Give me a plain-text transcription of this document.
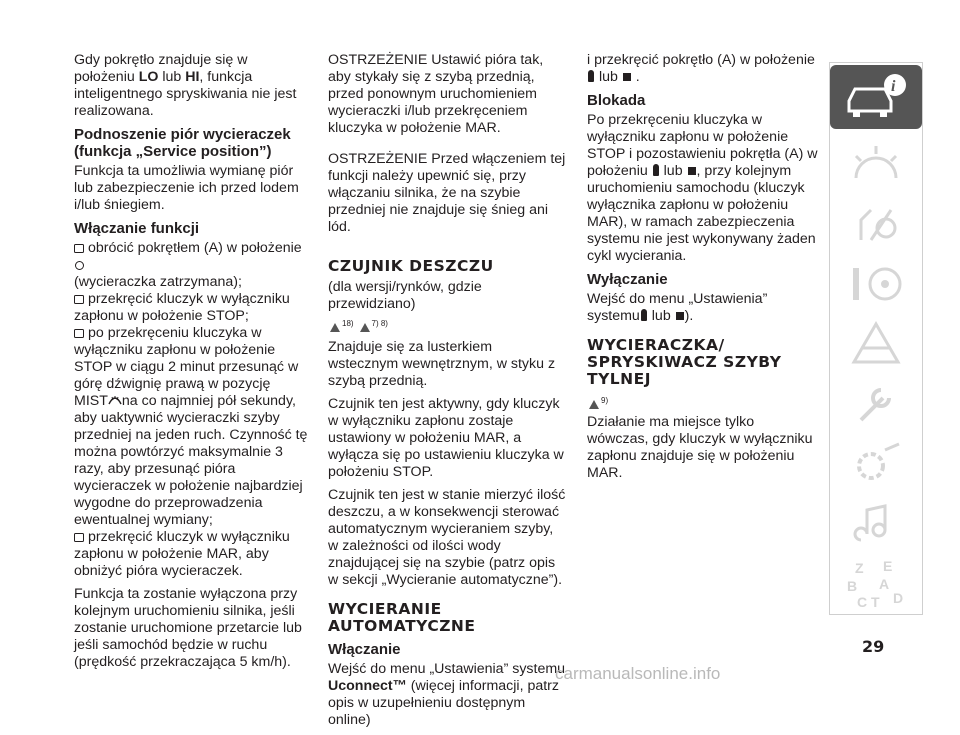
Gdy pokrętło znajduje się w położeniu LO lub HI, funkcja inteligentnego spryskiwania nie jest realizowana.

Podnoszenie piór wycieraczek (funkcja „Service position”)

Funkcja ta umożliwia wymianę piór lub zabezpieczenie ich przed lodem i/lub śniegiem.

Włączanie funkcji
obrócić pokrętłem (A) w położenie
(wycieraczka zatrzymana);
przekręcić kluczyk w wyłączniku zapłonu w położenie STOP;
po przekręceniu kluczyka w wyłączniku zapłonu w położenie STOP w ciągu 2 minut przesunąć w górę dźwignię prawą w pozycję MIST na co najmniej pół sekundy, aby uaktywnić wycieraczki szyby przedniej na jeden ruch. Czynność tę można powtórzyć maksymalnie 3 razy, aby przesunąć pióra wycieraczek w położenie najbardziej wygodne do przeprowadzenia ewentualnej wymiany;
przekręcić kluczyk w wyłączniku zapłonu w położenie MAR, aby obniżyć pióra wycieraczek.

Funkcja ta zostanie wyłączona przy kolejnym uruchomieniu silnika, jeśli zostanie uruchomione przetarcie lub jeśli samochód będzie w ruchu (prędkość przekraczająca 5 km/h).

OSTRZEŻENIE Ustawić pióra tak, aby stykały się z szybą przednią, przed ponownym uruchomieniem wycieraczki i/lub przekręceniem kluczyka w położenie MAR.

OSTRZEŻENIE Przed włączeniem tej funkcji należy upewnić się, przy włączaniu silnika, że na szybie przedniej nie znajduje się śnieg ani lód.

CZUJNIK DESZCZU

(dla wersji/rynków, gdzie przewidziano)

$^{18)}$ $^{7) 8)}$

Znajduje się za lusterkiem wstecznym wewnętrznym, w styku z szybą przednią.

Czujnik ten jest aktywny, gdy kluczyk w wyłączniku zapłonu zostaje ustawiony w położeniu MAR, a wyłącza się po ustawieniu kluczyka w położeniu STOP.

Czujnik ten jest w stanie mierzyć ilość deszczu, a w konsekwencji sterować automatycznym wycieraniem szyby, w zależności od ilości wody znajdującej się na szybie (patrz opis w sekcji „Wycieranie automatyczne”).

WYCIERANIE AUTOMATYCZNE
Włączanie

Wejść do menu „Ustawienia” systemu Uconnect™ (więcej informacji, patrz opis w uzupełnieniu dostępnym online)

i przekręcić pokrętło (A) w położenie  lub  .

Blokada

Po przekręceniu kluczyka w wyłączniku zapłonu w położenie STOP i pozostawieniu pokrętła (A) w położeniu lub , przy kolejnym uruchomieniu samochodu (kluczyk wyłącznika zapłonu w położeniu MAR), w ramach zabezpieczenia systemu nie jest wykonywany żaden cykl wycierania.

Wyłączanie

Wejść do menu „Ustawienia” systemu lub ).

WYCIERACZKA/ SPRYSKIWACZ SZYBY TYLNEJ
$^{9)}$

Działanie ma miejsce tylko wówczas, gdy kluczyk w wyłączniku zapłonu znajduje się w położeniu MAR.

i
Z E
B A
C T D
29
carmanualsonline.info
